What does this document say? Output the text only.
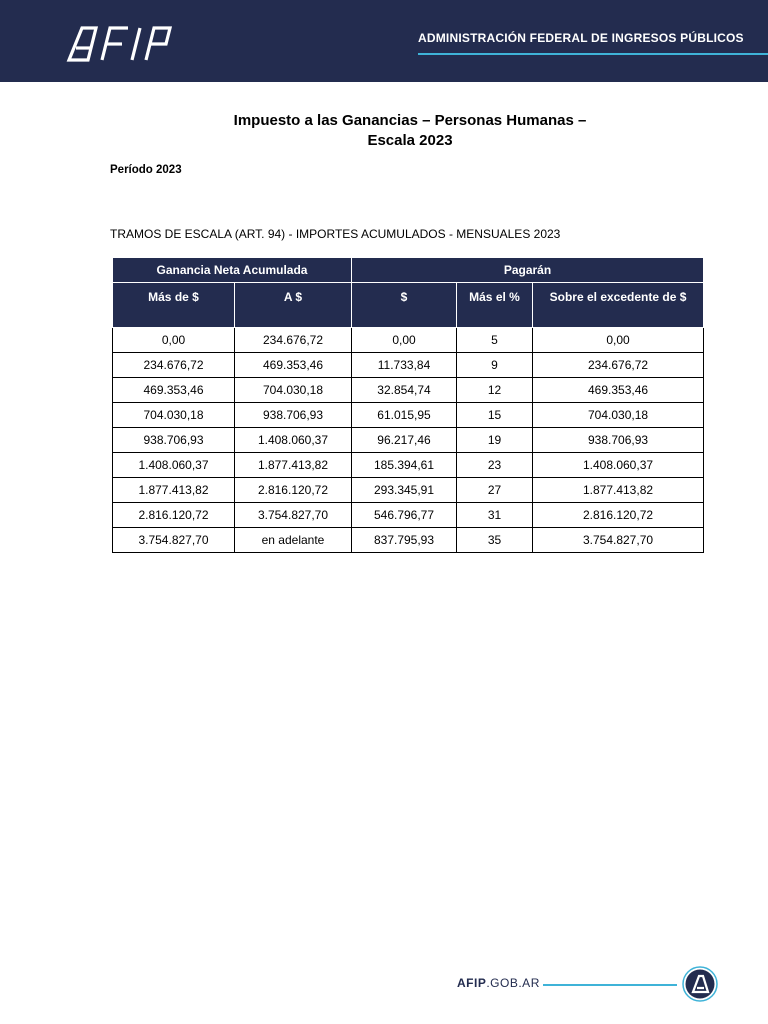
ADMINISTRACIÓN FEDERAL DE INGRESOS PÚBLICOS
Impuesto a las Ganancias – Personas Humanas –
Escala 2023
Período 2023
TRAMOS DE ESCALA (ART. 94) - IMPORTES ACUMULADOS - MENSUALES 2023
Ganancia Neta Acumulada		Pagarán		
Más de $	A $	$	Más el %	Sobre el excedente de $
0,00	234.676,72	0,00	5	0,00
234.676,72	469.353,46	11.733,84	9	234.676,72
469.353,46	704.030,18	32.854,74	12	469.353,46
704.030,18	938.706,93	61.015,95	15	704.030,18
938.706,93	1.408.060,37	96.217,46	19	938.706,93
1.408.060,37	1.877.413,82	185.394,61	23	1.408.060,37
1.877.413,82	2.816.120,72	293.345,91	27	1.877.413,82
2.816.120,72	3.754.827,70	546.796,77	31	2.816.120,72
3.754.827,70	en adelante	837.795,93	35	3.754.827,70
AFIP.GOB.AR
